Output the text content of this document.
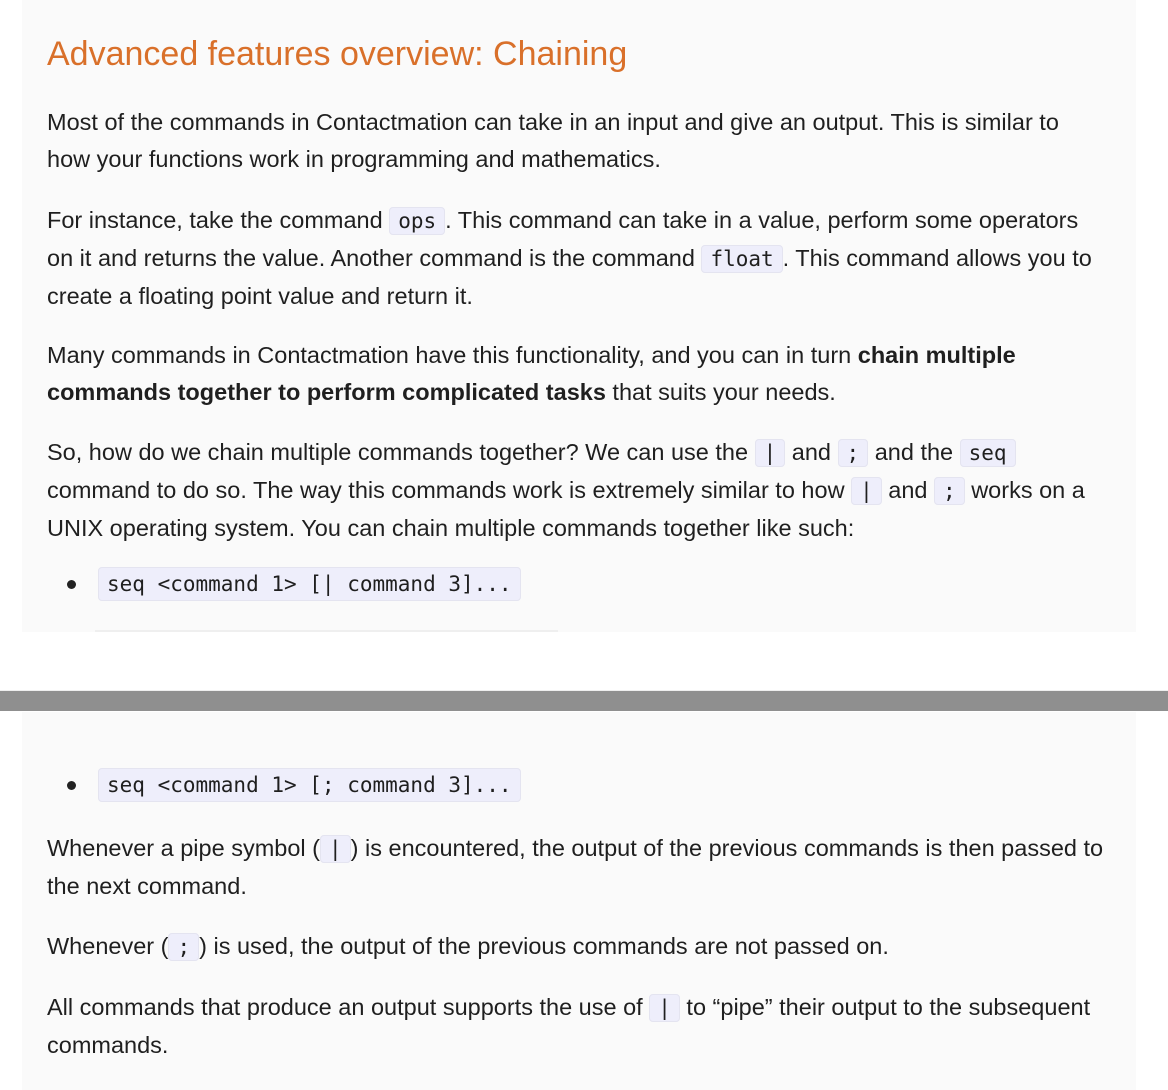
Advanced features overview: Chaining

Most of the commands in Contactmation can take in an input and give an output. This is similar to how your functions work in programming and mathematics.

For instance, take the command ops . This command can take in a value, perform some operators on it and returns the value. Another command is the command float . This command allows you to create a floating point value and return it.

Many commands in Contactmation have this functionality, and you can in turn chain multiple commands together to perform complicated tasks that suits your needs.

So, how do we chain multiple commands together? We can use the | and ; and the seq command to do so. The way this commands work is extremely similar to how | and ; works on a UNIX operating system. You can chain multiple commands together like such:

seq <command 1> [| command 3]...
seq <command 1> [; command 3]...

Whenever a pipe symbol ( | ) is encountered, the output of the previous commands is then passed to the next command.

Whenever ( ; ) is used, the output of the previous commands are not passed on.

All commands that produce an output supports the use of | to “pipe” their output to the subsequent commands.
